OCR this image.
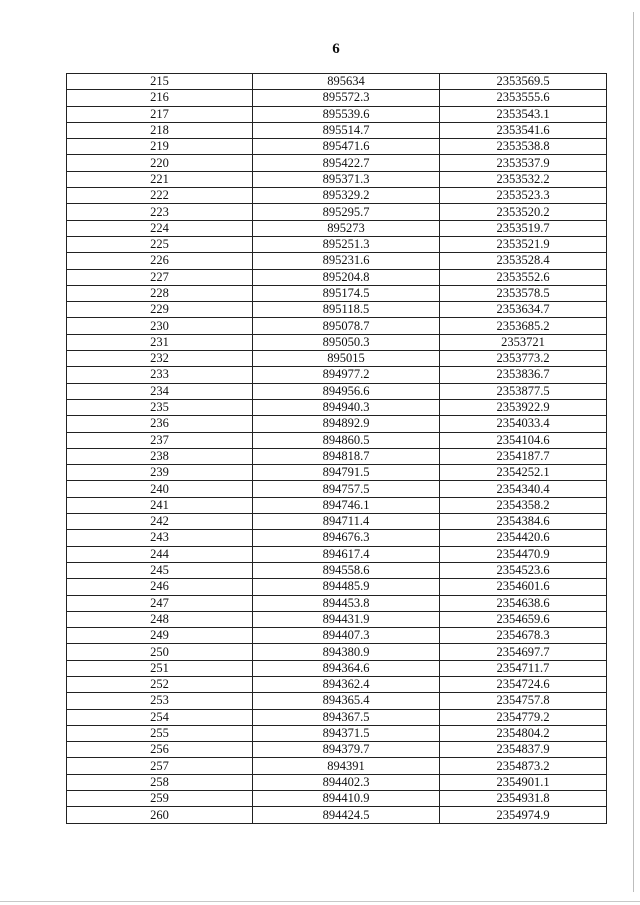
6
215	895634	2353569.5
216	895572.3	2353555.6
217	895539.6	2353543.1
218	895514.7	2353541.6
219	895471.6	2353538.8
220	895422.7	2353537.9
221	895371.3	2353532.2
222	895329.2	2353523.3
223	895295.7	2353520.2
224	895273	2353519.7
225	895251.3	2353521.9
226	895231.6	2353528.4
227	895204.8	2353552.6
228	895174.5	2353578.5
229	895118.5	2353634.7
230	895078.7	2353685.2
231	895050.3	2353721
232	895015	2353773.2
233	894977.2	2353836.7
234	894956.6	2353877.5
235	894940.3	2353922.9
236	894892.9	2354033.4
237	894860.5	2354104.6
238	894818.7	2354187.7
239	894791.5	2354252.1
240	894757.5	2354340.4
241	894746.1	2354358.2
242	894711.4	2354384.6
243	894676.3	2354420.6
244	894617.4	2354470.9
245	894558.6	2354523.6
246	894485.9	2354601.6
247	894453.8	2354638.6
248	894431.9	2354659.6
249	894407.3	2354678.3
250	894380.9	2354697.7
251	894364.6	2354711.7
252	894362.4	2354724.6
253	894365.4	2354757.8
254	894367.5	2354779.2
255	894371.5	2354804.2
256	894379.7	2354837.9
257	894391	2354873.2
258	894402.3	2354901.1
259	894410.9	2354931.8
260	894424.5	2354974.9
